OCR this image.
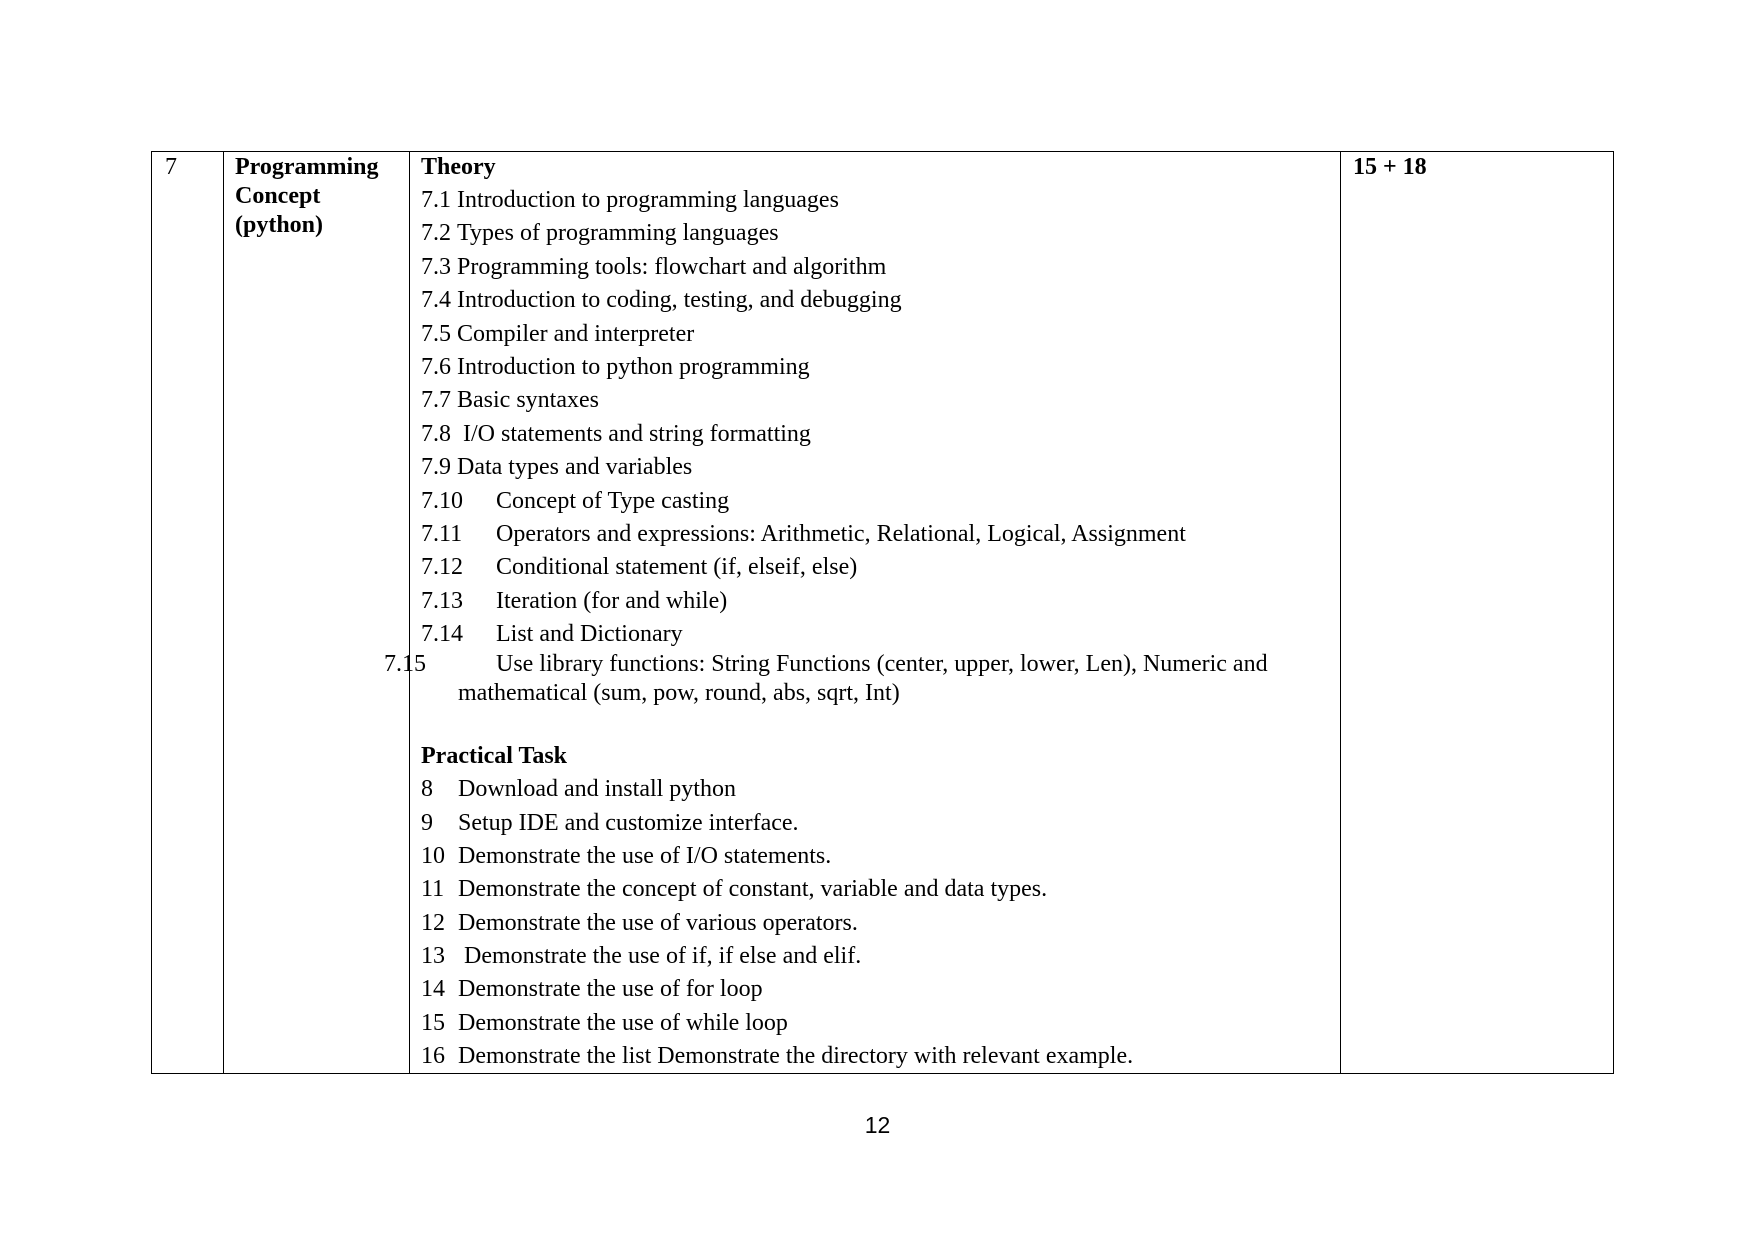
7	Programming
Concept
(python)

Theory
7.1 Introduction to programming languages
7.2 Types of programming languages
7.3 Programming tools: flowchart and algorithm
7.4 Introduction to coding, testing, and debugging
7.5 Compiler and interpreter
7.6 Introduction to python programming
7.7 Basic syntaxes
7.8 I/O statements and string formatting
7.9 Data types and variables
7.10 Concept of Type casting
7.11 Operators and expressions: Arithmetic, Relational, Logical, Assignment
7.12 Conditional statement (if, elseif, else)
7.13 Iteration (for and while)
7.14 List and Dictionary
7.15	Use library functions: String Functions (center, upper, lower, Len), Numeric and mathematical (sum, pow, round, abs, sqrt, Int)
Practical Task
8 Download and install python
9 Setup IDE and customize interface.
10 Demonstrate the use of I/O statements.
11 Demonstrate the concept of constant, variable and data types.
12 Demonstrate the use of various operators.
13 Demonstrate the use of if, if else and elif.
14 Demonstrate the use of for loop
15 Demonstrate the use of while loop
16 Demonstrate the list Demonstrate the directory with relevant example.
	15 + 18
12
